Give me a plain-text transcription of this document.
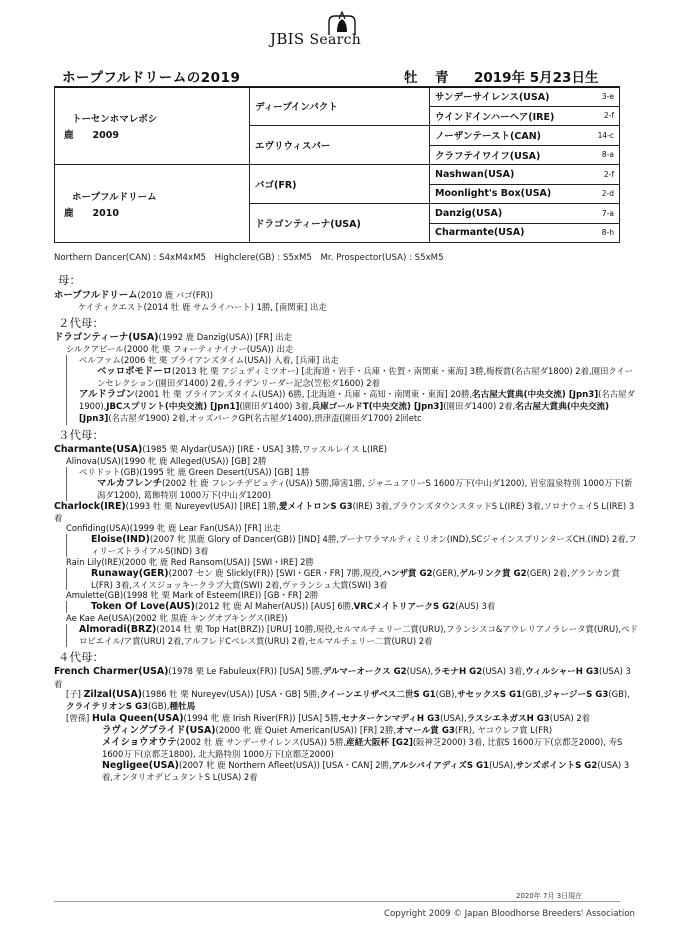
JBIS Search
ホープフルドリームの2019	牡　青 2019年 5月23日生
トーセンホマレボシ
鹿　　2009	ディープインパクト	サンデーサイレンス(USA)	3-e
		ウインドインハーヘア(IRE)	2-f
	エヴリウィスパー	ノーザンテースト(CAN)	14-c
		クラフテイワイフ(USA)	8-a

ホープフルドリーム
鹿　　2010	バゴ(FR)	Nashwan(USA)	2-f
		Moonlight's Box(USA)	2-d
	ドラゴンティーナ(USA)	Danzig(USA)	7-a
		Charmante(USA)	8-h
Northern Dancer(CAN) : S4xM4xM5　Highclere(GB) : S5xM5　Mr. Prospector(USA) : S5xM5
母：
ホープフルドリーム(2010 鹿 バゴ(FR))
ケイティクエスト(2014 牡 鹿 サムライハート) 1勝, [南関東] 出走
２代母：
ドラゴンティーナ(USA)(1992 鹿 Danzig(USA)) [FR] 出走
シルクアピール(2000 牝 栗 フォーティナイナー(USA)) 出走
ベルファム(2006 牝 栗 ブライアンズタイム(USA)) 入着, [兵庫] 出走
ベッロポモドーロ(2013 牝 栗 アジュディミツオー) [北海道・岩手・兵庫・佐賀・南関東・東海] 3勝,梅桜賞(名古屋ダ1800) 2着,園田クイーンセレクション(園田ダ1400) 2着,ライデンリーダー記念(笠松ダ1600) 2着
アルドラゴン(2001 牡 栗 ブライアンズタイム(USA)) 6勝, [北海道・兵庫・高知・南関東・東海] 20勝,名古屋大賞典(中央交流) [Jpn3](名古屋ダ1900),JBCスプリント(中央交流) [Jpn1](園田ダ1400) 3着,兵庫ゴールドT(中央交流) [Jpn3](園田ダ1400) 2着,名古屋大賞典(中央交流) [Jpn3](名古屋ダ1900) 2着,オッズパークGP(名古屋ダ1400),摂津盃(園田ダ1700) 2回etc
３代母：
Charmante(USA)(1985 栗 Alydar(USA)) [IRE・USA] 3勝,ワッスルレイス L(IRE)
Alinova(USA)(1990 牝 鹿 Alleged(USA)) [GB] 2勝
ペリドット(GB)(1995 牝 鹿 Green Desert(USA)) [GB] 1勝
マルカフレンチ(2002 牡 鹿 フレンチデピュティ(USA)) 5勝,障害1勝, ジャニュアリーS 1600万下(中山ダ1200), 岩室温泉特別 1000万下(新潟ダ1200), 葛飾特別 1000万下(中山ダ1200)
Charlock(IRE)(1993 牡 栗 Nureyev(USA)) [IRE] 1勝,愛メイトロンS G3(IRE) 3着,ブラウンズタウンスタッドS L(IRE) 3着,ソロナウェイS L(IRE) 3着
Confiding(USA)(1999 牝 鹿 Lear Fan(USA)) [FR] 出走
Eloise(IND)(2007 牝 黒鹿 Glory of Dancer(GB)) [IND] 4勝,プーナワラマルティミリオン(IND),SCジャインスプリンターズCH.(IND) 2着,フィリーズトライアルS(IND) 3着
Rain Lily(IRE)(2000 牝 鹿 Red Ransom(USA)) [SWI・IRE] 2勝
Runaway(GER)(2007 セン 鹿 Slickly(FR)) [SWI・GER・FR] 7勝,現役,ハンザ賞 G2(GER),ゲルリンク賞 G2(GER) 2着,グランカン賞 L(FR) 3着,スイスジョッキークラブ大賞(SWI) 2着,ヴァランシュ大賞(SWI) 3着
Amulette(GB)(1998 牝 栗 Mark of Esteem(IRE)) [GB・FR] 2勝
Token Of Love(AUS)(2012 牝 鹿 Al Maher(AUS)) [AUS] 6勝,VRCメイトリアークS G2(AUS) 3着
Ae Kae Ae(USA)(2002 牝 黒鹿 キングオブキングス(IRE))
Almoradi(BRZ)(2014 牡 栗 Top Hat(BRZ)) [URU] 10勝,現役,セルマルチェリー二賞(URU),フランシスコ&アウレリアノラレータ賞(URU),ペドロビエイル/ア賞(URU) 2着,アルフレドCベレス賞(URU) 2着,セルマルチェリー二賞(URU) 2着
４代母：
French Charmer(USA)(1978 栗 Le Fabuleux(FR)) [USA] 5勝,デルマーオークス G2(USA),ラモナH G2(USA) 3着,ウィルシャーH G3(USA) 3着
[子] Zilzal(USA)(1986 牡 栗 Nureyev(USA)) [USA・GB] 5勝,クイーンエリザベス二世S G1(GB),サセックスS G1(GB),ジャージーS G3(GB),クライテリオンS G3(GB),種牡馬
[曾孫] Hula Queen(USA)(1994 牝 鹿 Irish River(FR)) [USA] 5勝,セナターケンマディH G3(USA),ラスシエネガスH G3(USA) 2着
ラヴィングプライド(USA)(2000 牝 鹿 Quiet American(USA)) [FR] 2勝,オマール賞 G3(FR), ヤコウレフ賞 L(FR)
メイショウオウテ(2002 牡 鹿 サンデーサイレンス(USA)) 5勝,産経大阪杯 [G2](阪神芝2000) 3着, 比叡S 1600万下(京都芝2000), 寿S 1600万下(京都芝1800), 北大路特別 1000万下(京都芝2000)
Negligee(USA)(2007 牝 鹿 Northern Afleet(USA)) [USA・CAN] 2勝,アルシバイアディズS G1(USA),サンズポイントS G2(USA) 3着,オンタリオデビュタントS L(USA) 2着
2020年 7月 3日現在
Copyright 2009 © Japan Bloodhorse Breeders' Association
